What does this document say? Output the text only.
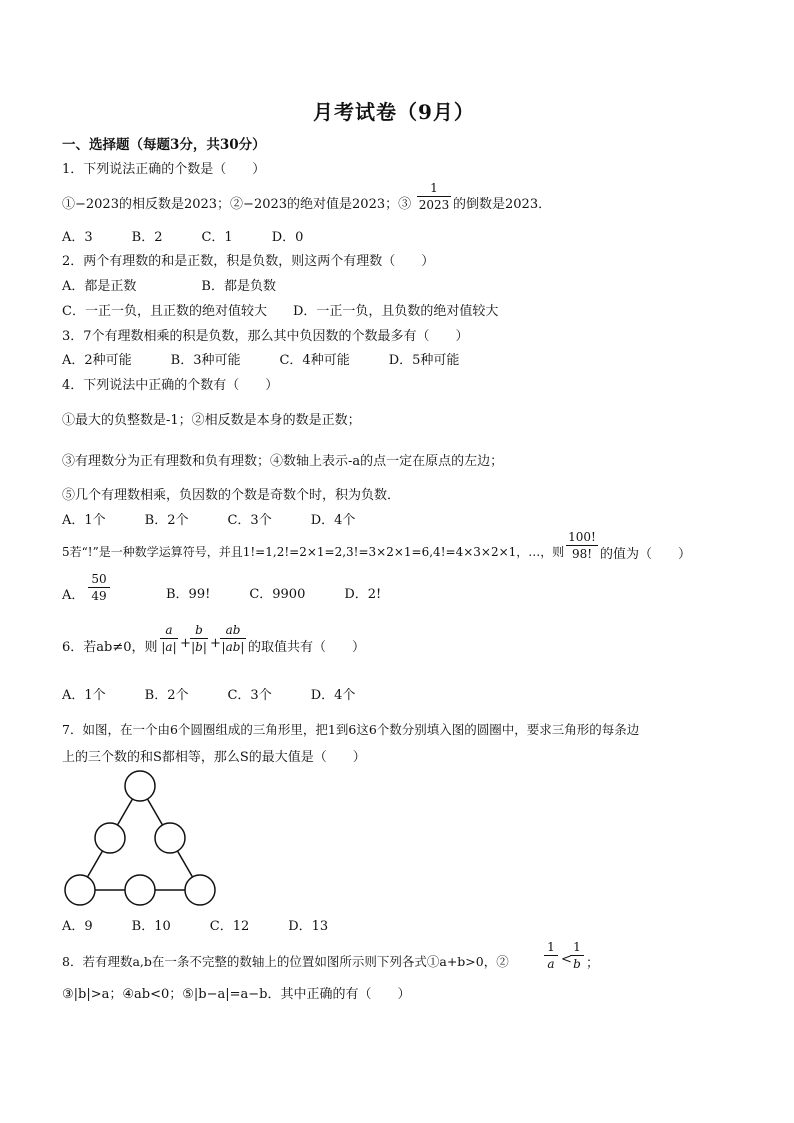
月考试卷（9月）
一、选择题（每题3分，共30分）
1．下列说法正确的个数是（　　）
①−2023的相反数是2023；②−2023的绝对值是2023；③
1
2023 的倒数是2023．
A．3　　　B．2　　　C．1　　　D．0
2．两个有理数的和是正数，积是负数，则这两个有理数（　　）
A．都是正数　　　　　B．都是负数
C．一正一负，且正数的绝对值较大　　D．一正一负，且负数的绝对值较大
3．7个有理数相乘的积是负数，那么其中负因数的个数最多有（　　）
A．2种可能　　　B．3种可能　　　C．4种可能　　　D．5种可能
4．下列说法中正确的个数有（　　）
①最大的负整数是-1；②相反数是本身的数是正数；
③有理数分为正有理数和负有理数；④数轴上表示-a的点一定在原点的左边；
⑤几个有理数相乘，负因数的个数是奇数个时，积为负数．
A．1个　　　B．2个　　　C．3个　　　D．4个
5若“!”是一种数学运算符号，并且1!=1,2!=2×1=2,3!=3×2×1=6,4!=4×3×2×1，…，则
100!
98! 的值为（　　）
A．
50
49	B．99!　　　C．9900　　　D．2!
6．若ab≠0，则
a
|a| +
b
|b| +
ab
|ab| 的取值共有（　　）
A．1个　　　B．2个　　　C．3个　　　D．4个
7．如图，在一个由6个圆圈组成的三角形里，把1到6这6个数分别填入图的圆圈中，要求三角形的每条边
上的三个数的和S都相等，那么S的最大值是（　　）
A．9　　　B．10　　　C．12　　　D．13
8．若有理数a,b在一条不完整的数轴上的位置如图所示则下列各式①a+b>0，②
1
a <
1
b ；
③|b|>a；④ab<0；⑤|b−a|=a−b．其中正确的有（　　）
